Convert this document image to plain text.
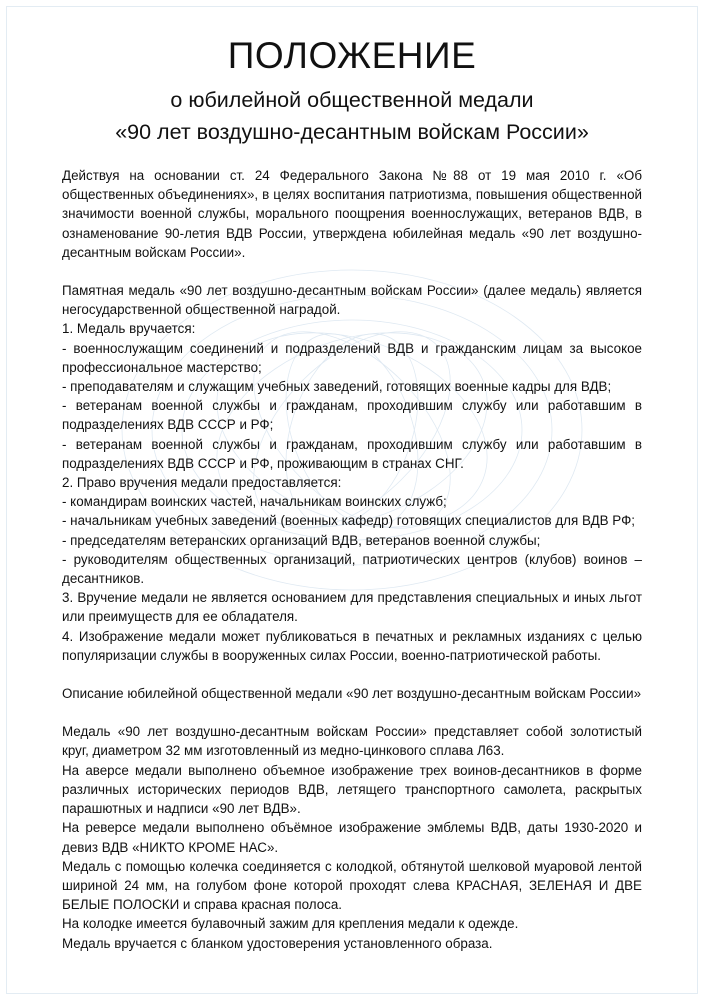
ПОЛОЖЕНИЕ
о юбилейной общественной медали
«90 лет воздушно-десантным войскам России»

Действуя на основании ст. 24 Федерального Закона №88 от 19 мая 2010 г. «Об общественных объединениях», в целях воспитания патриотизма, повышения общественной значимости военной службы, морального поощрения военнослужащих, ветеранов ВДВ, в ознаменование 90-летия ВДВ России, утверждена юбилейная медаль «90 лет воздушно-десантным войскам России».

Памятная медаль «90 лет воздушно-десантным войскам России» (далее медаль) является негосударственной общественной наградой.

1. Медаль вручается:

- военнослужащим соединений и подразделений ВДВ и гражданским лицам за высокое профессиональное мастерство;

- преподавателям и служащим учебных заведений, готовящих военные кадры для ВДВ;

- ветеранам военной службы и гражданам, проходившим службу или работавшим в подразделениях ВДВ СССР и РФ;

- ветеранам военной службы и гражданам, проходившим службу или работавшим в подразделениях ВДВ СССР и РФ, проживающим в странах СНГ.

2. Право вручения медали предоставляется:

- командирам воинских частей, начальникам воинских служб;

- начальникам учебных заведений (военных кафедр) готовящих специалистов для ВДВ РФ;

- председателям ветеранских организаций ВДВ, ветеранов военной службы;

- руководителям общественных организаций, патриотических центров (клубов) воинов – десантников.

3. Вручение медали не является основанием для представления специальных и иных льгот или преимуществ для ее обладателя.

4. Изображение медали может публиковаться в печатных и рекламных изданиях с целью популяризации службы в вооруженных силах России, военно-патриотической работы.

Описание юбилейной общественной медали «90 лет воздушно-десантным войскам России»

Медаль «90 лет воздушно-десантным войскам России» представляет собой золотистый круг, диаметром 32 мм изготовленный из медно-цинкового сплава Л63.

На аверсе медали выполнено объемное изображение трех воинов-десантников в форме различных исторических периодов ВДВ, летящего транспортного самолета, раскрытых парашютных и надписи «90 лет ВДВ».

На реверсе медали выполнено объёмное изображение эмблемы ВДВ, даты 1930-2020 и девиз ВДВ «НИКТО КРОМЕ НАС».

Медаль с помощью колечка соединяется с колодкой, обтянутой шелковой муаровой лентой шириной 24 мм, на голубом фоне которой проходят слева КРАСНАЯ, ЗЕЛЕНАЯ И ДВЕ БЕЛЫЕ ПОЛОСКИ и справа красная полоса.

На колодке имеется булавочный зажим для крепления медали к одежде.

Медаль вручается с бланком удостоверения установленного образа.
